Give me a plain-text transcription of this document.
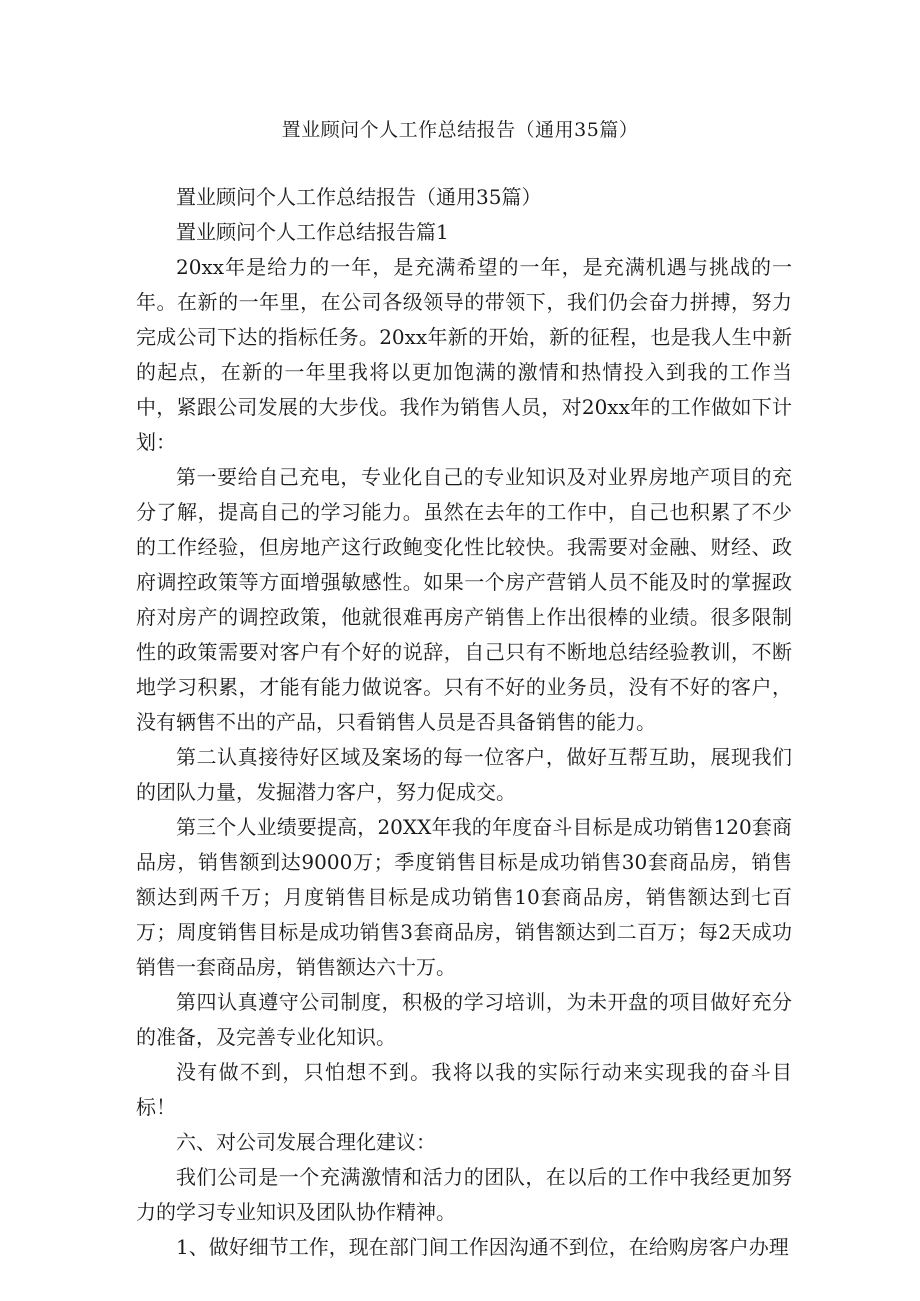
置业顾问个人工作总结报告（通用35篇）

置业顾问个人工作总结报告（通用35篇）

置业顾问个人工作总结报告篇1

20xx年是给力的一年，是充满希望的一年，是充满机遇与挑战的一年。在新的一年里，在公司各级领导的带领下，我们仍会奋力拼搏，努力完成公司下达的指标任务。20xx年新的开始，新的征程，也是我人生中新的起点，在新的一年里我将以更加饱满的激情和热情投入到我的工作当中，紧跟公司发展的大步伐。我作为销售人员，对20xx年的工作做如下计划：

第一要给自己充电，专业化自己的专业知识及对业界房地产项目的充分了解，提高自己的学习能力。虽然在去年的工作中，自己也积累了不少的工作经验，但房地产这行政鲍变化性比较快。我需要对金融、财经、政府调控政策等方面增强敏感性。如果一个房产营销人员不能及时的掌握政府对房产的调控政策，他就很难再房产销售上作出很棒的业绩。很多限制性的政策需要对客户有个好的说辞，自己只有不断地总结经验教训，不断地学习积累，才能有能力做说客。只有不好的业务员，没有不好的客户，没有辆售不出的产品，只看销售人员是否具备销售的能力。

第二认真接待好区域及案场的每一位客户，做好互帮互助，展现我们的团队力量，发掘潜力客户，努力促成交。

第三个人业绩要提高，20XX年我的年度奋斗目标是成功销售120套商品房，销售额到达9000万；季度销售目标是成功销售30套商品房，销售额达到两千万；月度销售目标是成功销售10套商品房，销售额达到七百万；周度销售目标是成功销售3套商品房，销售额达到二百万；每2天成功销售一套商品房，销售额达六十万。

第四认真遵守公司制度，积极的学习培训，为未开盘的项目做好充分的准备，及完善专业化知识。

没有做不到，只怕想不到。我将以我的实际行动来实现我的奋斗目标！

六、对公司发展合理化建议：

我们公司是一个充满激情和活力的团队，在以后的工作中我经更加努力的学习专业知识及团队协作精神。

1、做好细节工作，现在部门间工作因沟通不到位，在给购房客户办理
